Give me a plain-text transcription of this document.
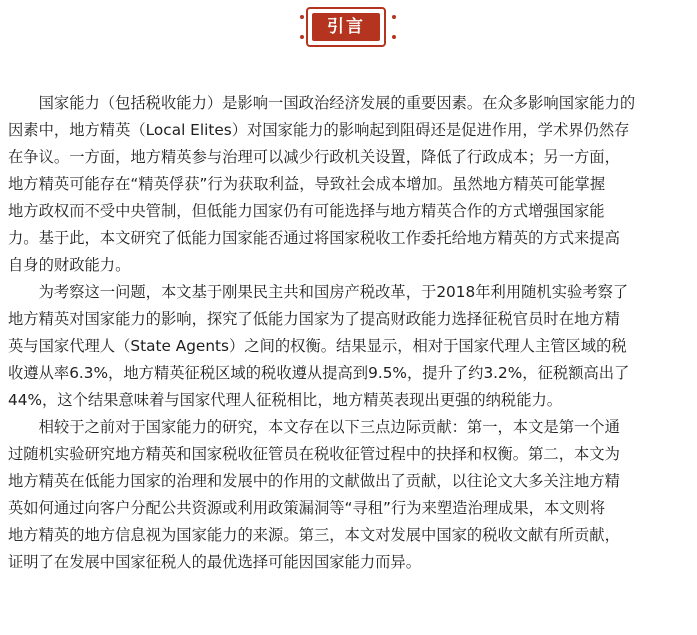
引言
　　国家能力（包括税收能力）是影响一国政治经济发展的重要因素。在众多影响国家能力的
因素中，地方精英（Local Elites）对国家能力的影响起到阻碍还是促进作用，学术界仍然存
在争议。一方面，地方精英参与治理可以减少行政机关设置，降低了行政成本；另一方面，
地方精英可能存在“精英俘获”行为获取利益，导致社会成本增加。虽然地方精英可能掌握
地方政权而不受中央管制，但低能力国家仍有可能选择与地方精英合作的方式增强国家能
力。基于此，本文研究了低能力国家能否通过将国家税收工作委托给地方精英的方式来提高
自身的财政能力。
　　为考察这一问题，本文基于刚果民主共和国房产税改革，于2018年利用随机实验考察了
地方精英对国家能力的影响，探究了低能力国家为了提高财政能力选择征税官员时在地方精
英与国家代理人（State Agents）之间的权衡。结果显示，相对于国家代理人主管区域的税
收遵从率6.3%，地方精英征税区域的税收遵从提高到9.5%，提升了约3.2%，征税额高出了
44%，这个结果意味着与国家代理人征税相比，地方精英表现出更强的纳税能力。
　　相较于之前对于国家能力的研究，本文存在以下三点边际贡献：第一，本文是第一个通
过随机实验研究地方精英和国家税收征管员在税收征管过程中的抉择和权衡。第二，本文为
地方精英在低能力国家的治理和发展中的作用的文献做出了贡献，以往论文大多关注地方精
英如何通过向客户分配公共资源或利用政策漏洞等“寻租”行为来塑造治理成果，本文则将
地方精英的地方信息视为国家能力的来源。第三，本文对发展中国家的税收文献有所贡献，
证明了在发展中国家征税人的最优选择可能因国家能力而异。
